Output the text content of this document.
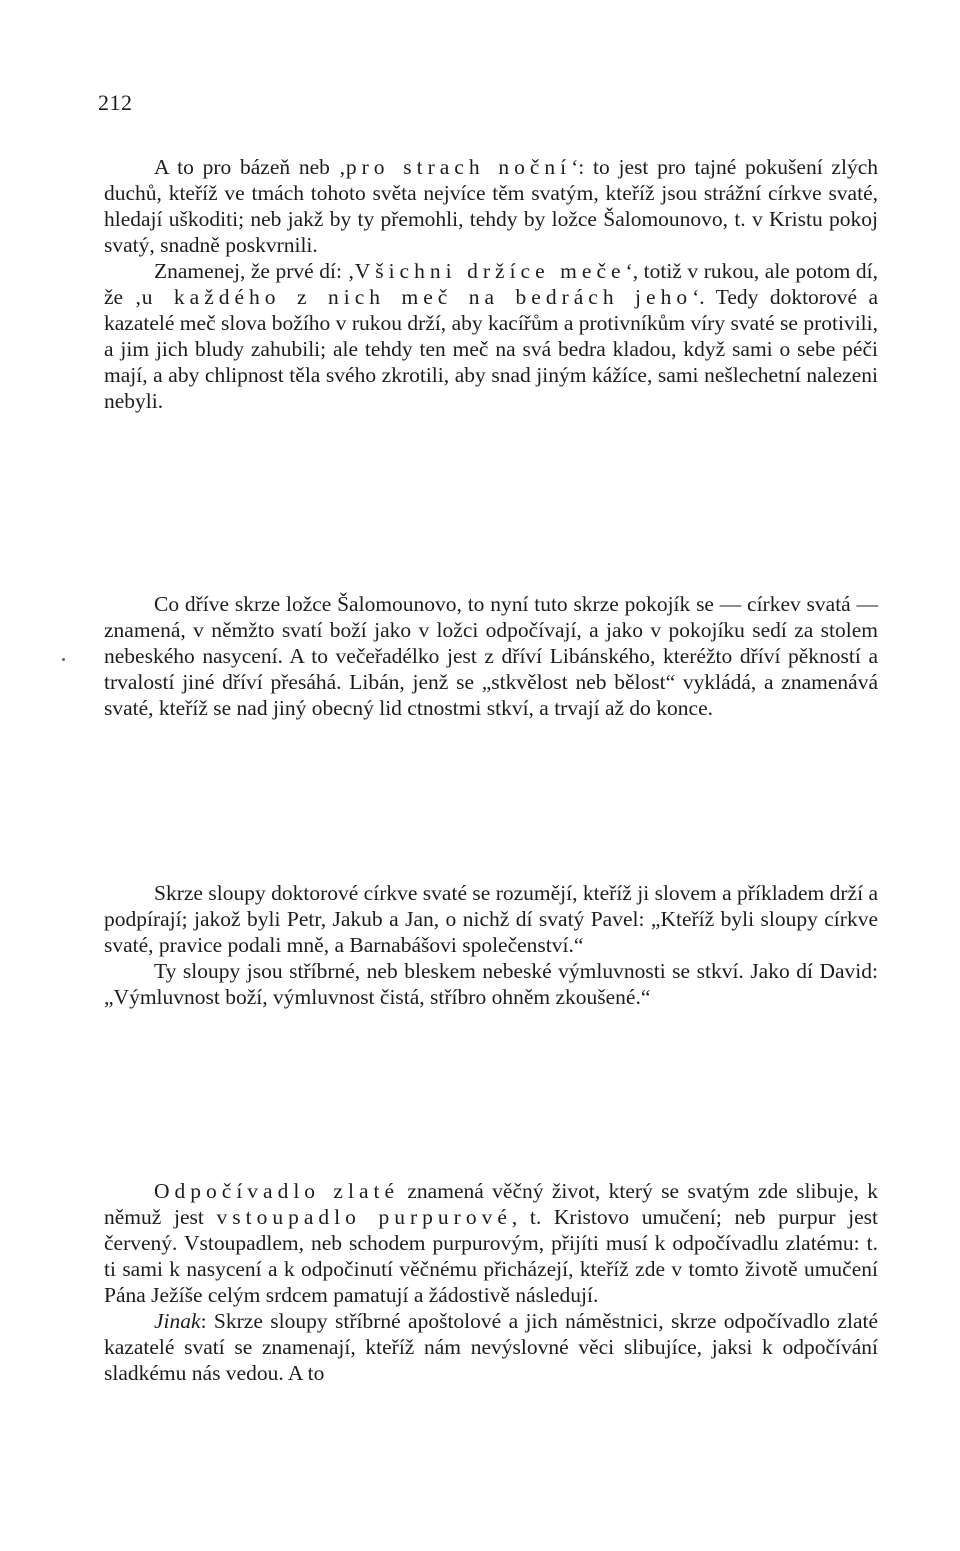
212

A to pro bázeň neb ‚pro strach noční‘: to jest pro tajné pokušení zlých duchů, kteříž ve tmách tohoto světa nejvíce těm svatým, kteříž jsou strážní církve svaté, hledají uškoditi; neb jakž by ty přemohli, tehdy by ložce Šalomounovo, t. v Kristu pokoj svatý, snadně poskvrnili.

Znamenej, že prvé dí: ‚Všichni držíce meče‘, totiž v rukou, ale potom dí, že ‚u každého z nich meč na bedrách jeho‘. Tedy doktorové a kazatelé meč slova božího v rukou drží, aby kacířům a protivníkům víry svaté se protivili, a jim jich bludy zahubili; ale tehdy ten meč na svá bedra kladou, když sami o sebe péči mají, a aby chlipnost těla svého zkrotili, aby snad jiným kážíce, sami nešlechetní nalezeni nebyli.

Co dříve skrze ložce Šalomounovo, to nyní tuto skrze pokojík se — církev svatá — znamená, v němžto svatí boží jako v ložci odpočívají, a jako v pokojíku sedí za stolem nebeského nasycení. A to večeřadélko jest z dříví Libánského, kteréžto dříví pěkností a trvalostí jiné dříví přesáhá. Libán, jenž se „stkvělost neb bělost“ vykládá, a znamenává svaté, kteříž se nad jiný obecný lid ctnostmi stkví, a trvají až do konce.

Skrze sloupy doktorové církve svaté se rozumějí, kteříž ji slovem a příkladem drží a podpírají; jakož byli Petr, Jakub a Jan, o nichž dí svatý Pavel: „Kteříž byli sloupy církve svaté, pravice podali mně, a Barnabášovi společenství.“

Ty sloupy jsou stříbrné, neb bleskem nebeské výmluvnosti se stkví. Jako dí David: „Výmluvnost boží, výmluvnost čistá, stříbro ohněm zkoušené.“

Odpočívadlo zlaté znamená věčný život, který se svatým zde slibuje, k němuž jest vstoupadlo purpurové, t. Kristovo umučení; neb purpur jest červený. Vstoupadlem, neb schodem purpurovým, přijíti musí k odpočívadlu zlatému: t. ti sami k nasycení a k odpočinutí věčnému přicházejí, kteříž zde v tomto životě umučení Pána Ježíše celým srdcem pamatují a žádostivě následují.

Jinak: Skrze sloupy stříbrné apoštolové a jich náměstnici, skrze odpočívadlo zlaté kazatelé svatí se znamenají, kteříž nám nevýslovné věci slibujíce, jaksi k odpočívání sladkému nás vedou. A to
